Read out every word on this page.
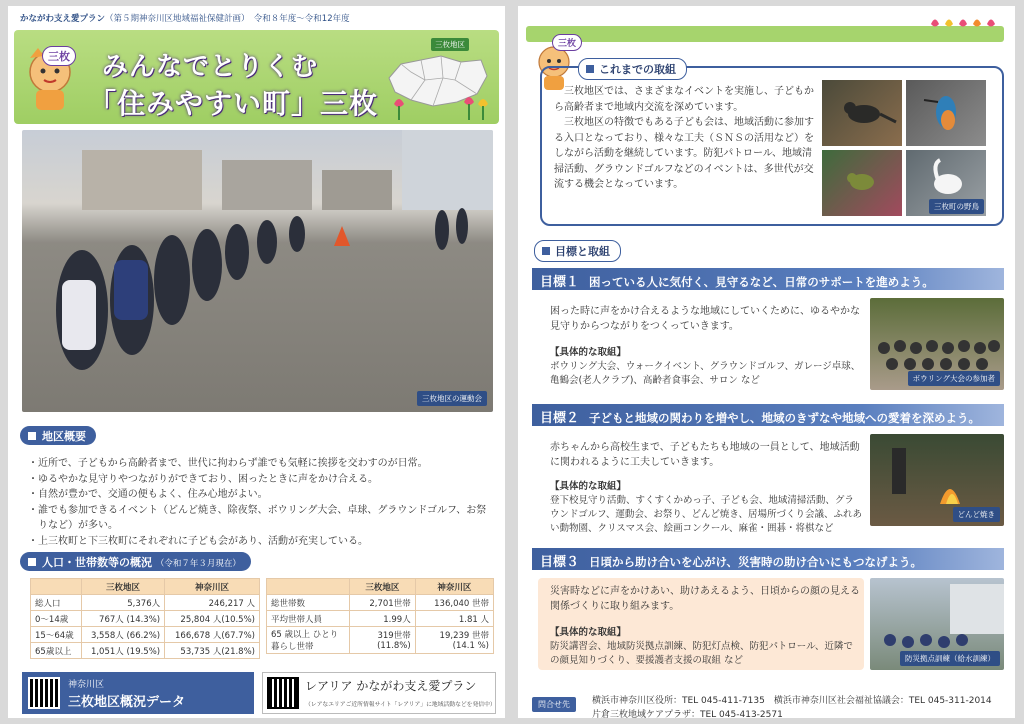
かながわ支え愛プラン（第５期神奈川区地域福祉保健計画）　 令和８年度〜令和12年度
三枚 みんなでとりくむ
「住みやすい町」三枚
三枚地区
三枚地区の運動会
地区概要
・ 近所で、子どもから高齢者まで、世代に拘わらず誰でも気軽に挨拶を交わすのが日常。
・ ゆるやかな見守りやつながりができており、困ったときに声をかけ合える。
・ 自然が豊かで、交通の便もよく、住み心地がよい。
・ 誰でも参加できるイベント（どんど焼き、除夜祭、ボウリング大会、卓球、グラウンドゴルフ、お祭りなど）が多い。
・ 上三枚町と下三枚町にそれぞれに子ども会があり、活動が充実している。
人口・世帯数等の概況 （令和７年３月現在）
	三枚地区	神奈川区
総人口	5,376人	246,217 人
0〜14歳	767人 (14.3%)	25,804 人(10.5%)
15〜64歳	3,558人 (66.2%)	166,678 人(67.7%)
65歳以上	1,051人 (19.5%)	53,735 人(21.8%)
	三枚地区	神奈川区
総世帯数	2,701世帯	136,040 世帯
平均世帯人員	1.99人	1.81 人
65 歳以上 ひとり暮らし世帯	319世帯 (11.8%)	19,239 世帯 (14.1 %)
神奈川区
三枚地区概況データ
レアリア かながわ支え愛プラン
（レアなエリアご近所情報サイト「レアリア」に地域活動などを発信中）
三枚
これまでの取組

三枚地区では、さまざまなイベントを実施し、子どもから高齢者まで地域内交流を深めています。

三枚地区の特徴でもある子ども会は、地域活動に参加する入口となっており、様々な工夫（ＳＮＳの活用など）をしながら活動を継続しています。防犯パトロール、地域清掃活動、グラウンドゴルフなどのイベントは、多世代が交流する機会となっています。

三枚町の野鳥
目標と取組
目標１ 困っている人に気付く、見守るなど、日常のサポートを進めよう。
困った時に声をかけ合えるような地域にしていくために、ゆるやかな見守りからつながりをつくっていきます。
【具体的な取組】
ボウリング大会、ウォークイベント、グラウンドゴルフ、ガレージ卓球、亀鶴会(老人クラブ)、高齢者食事会、サロン など	ボウリング大会の参加者
目標２ 子どもと地域の関わりを増やし、地域のきずなや地域への愛着を深めよう。
赤ちゃんから高校生まで、子どもたちも地域の一員として、地域活動に関われるように工夫していきます。
【具体的な取組】
登下校見守り活動、すくすくかめっ子、子ども会、地域清掃活動、グラウンドゴルフ、運動会、お祭り、どんど焼き、居場所づくり会議、ふれあい動物園、クリスマス会、絵画コンクール、麻雀・囲碁・将棋など
どんど焼き
目標３ 日頃から助け合いを心がけ、災害時の助け合いにもつなげよう。
災害時などに声をかけあい、助けあえるよう、日頃からの顔の見える関係づくりに取り組みます。
【具体的な取組】
防災講習会、地域防災拠点訓練、防犯灯点検、防犯パトロール、近隣での顔見知りづくり、要援護者支援の取組 など	防災拠点訓練（給水訓練）
問合せ先	横浜市神奈川区役所：TEL 045-411-7135　横浜市神奈川区社会福祉協議会：TEL 045-311-2014
片倉三枚地域ケアプラザ：TEL 045-413-2571
